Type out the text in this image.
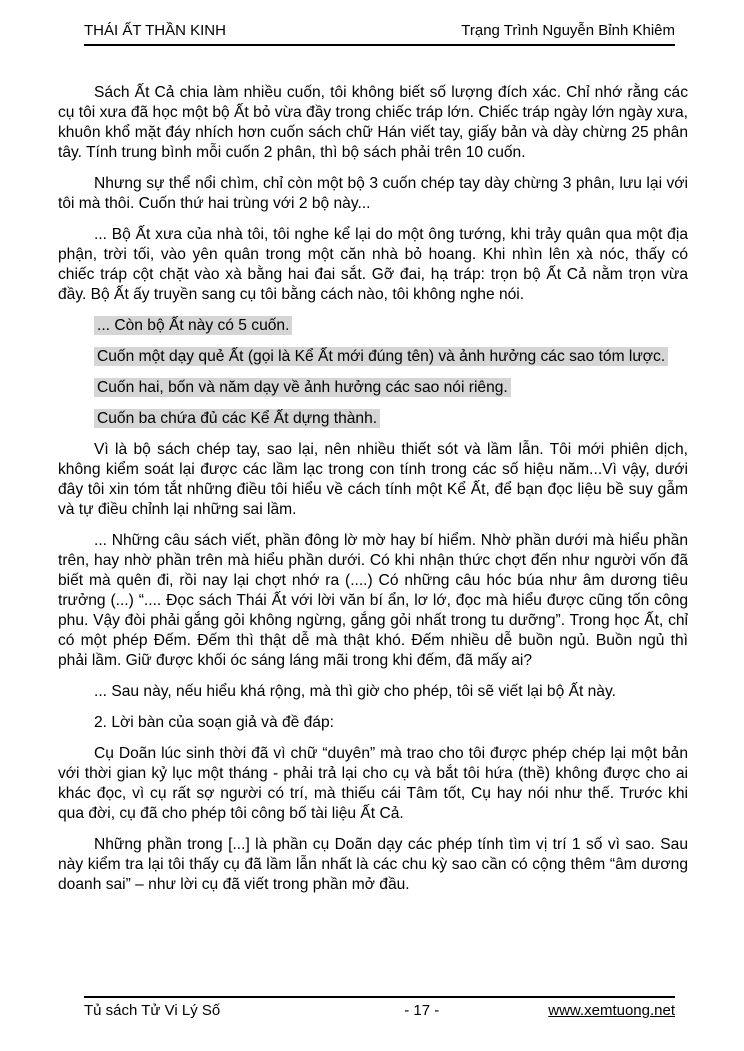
THÁI ẤT THẦN KINH	Trạng Trình Nguyễn Bỉnh Khiêm

Sách Ất Cả chia làm nhiều cuốn, tôi không biết số lượng đích xác. Chỉ nhớ rằng các cụ tôi xưa đã học một bộ Ất bỏ vừa đầy trong chiếc tráp lớn. Chiếc tráp ngày lớn ngày xưa, khuôn khổ mặt đáy nhích hơn cuốn sách chữ Hán viết tay, giấy bản và dày chừng 25 phân tây. Tính trung bình mỗi cuốn 2 phân, thì bộ sách phải trên 10 cuốn.

Nhưng sự thể nổi chìm, chỉ còn một bộ 3 cuốn chép tay dày chừng 3 phân, lưu lại với tôi mà thôi. Cuốn thứ hai trùng với 2 bộ này...

... Bộ Ất xưa của nhà tôi, tôi nghe kể lại do một ông tướng, khi trảy quân qua một địa phận, trời tối, vào yên quân trong một căn nhà bỏ hoang. Khi nhìn lên xà nóc, thấy có chiếc tráp cột chặt vào xà bằng hai đai sắt. Gỡ đai, hạ tráp: trọn bộ Ất Cả nằm trọn vừa đầy. Bộ Ất ấy truyền sang cụ tôi bằng cách nào, tôi không nghe nói.

... Còn bộ Ất này có 5 cuốn.

Cuốn một dạy quẻ Ất (gọi là Kể Ất mới đúng tên) và ảnh hưởng các sao tóm lược.

Cuốn hai, bốn và năm dạy về ảnh hưởng các sao nói riêng.

Cuốn ba chứa đủ các Kể Ất dựng thành.

Vì là bộ sách chép tay, sao lại, nên nhiều thiết sót và lầm lẫn. Tôi mới phiên dịch, không kiểm soát lại được các lầm lạc trong con tính trong các số hiệu năm...Vì vậy, dưới đây tôi xin tóm tắt những điều tôi hiểu về cách tính một Kể Ất, để bạn đọc liệu bề suy gẫm và tự điều chỉnh lại những sai lầm.

... Những câu sách viết, phần đông lờ mờ hay bí hiểm. Nhờ phần dưới mà hiểu phần trên, hay nhờ phần trên mà hiểu phần dưới. Có khi nhận thức chợt đến như người vốn đã biết mà quên đi, rồi nay lại chợt nhớ ra (....) Có những câu hóc búa như âm dương tiêu trưởng (...) “.... Đọc sách Thái Ất với lời văn bí ẩn, lơ lớ, đọc mà hiểu được cũng tốn công phu. Vậy đòi phải gắng gỏi không ngừng, gắng gỏi nhất trong tu dưỡng”. Trong học Ất, chỉ có một phép Đếm. Đếm thì thật dễ mà thật khó. Đếm nhiều dễ buồn ngủ. Buồn ngủ thì phải lầm. Giữ được khối óc sáng láng mãi trong khi đếm, đã mấy ai?

... Sau này, nếu hiểu khá rộng, mà thì giờ cho phép, tôi sẽ viết lại bộ Ất này.

2. Lời bàn của soạn giả và đề đáp:

Cụ Doãn lúc sinh thời đã vì chữ “duyên” mà trao cho tôi được phép chép lại một bản với thời gian kỷ lục một tháng - phải trả lại cho cụ và bắt tôi hứa (thề) không được cho ai khác đọc, vì cụ rất sợ người có trí, mà thiếu cái Tâm tốt, Cụ hay nói như thế. Trước khi qua đời, cụ đã cho phép tôi công bố tài liệu Ất Cả.

Những phần trong [...] là phần cụ Doãn dạy các phép tính tìm vị trí 1 số vì sao. Sau này kiểm tra lại tôi thấy cụ đã lầm lẫn nhất là các chu kỳ sao cần có cộng thêm “âm dương doanh sai” – như lời cụ đã viết trong phần mở đầu.

Tủ sách Tử Vi Lý Số	- 17 -	www.xemtuong.net
